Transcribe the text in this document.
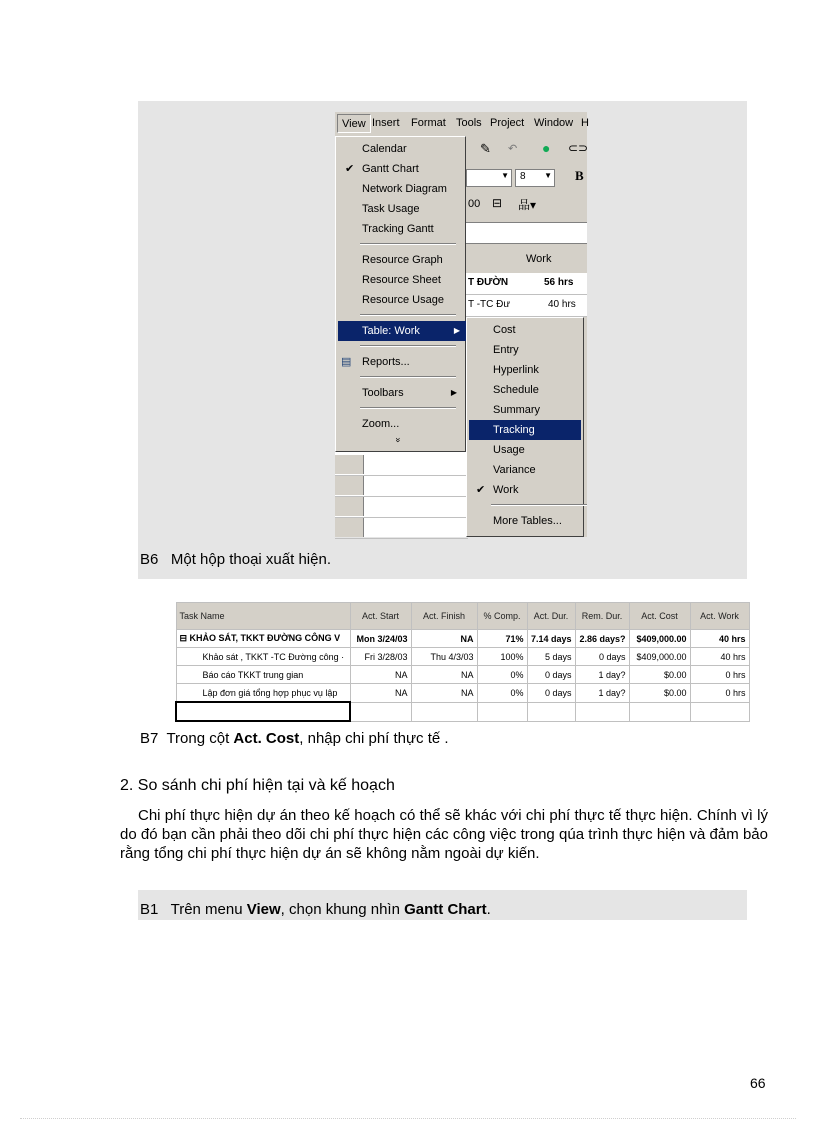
View Insert Format Tools Project Window H
✎ ↶ ● ⊂⊃
▼ 8 ▼ B
00 ⊟ 品▾
Work
T ĐƯỜN	56 hrs
T -TC Đư	40 hrs
Calendar
✔ Gantt Chart
Network Diagram
Task Usage
Tracking Gantt
Resource Graph
Resource Sheet
Resource Usage
Table: Work	▶
▤ Reports...
Toolbars	▶
Zoom...
»
Cost
Entry
Hyperlink
Schedule
Summary
Tracking
Usage
Variance
✔ Work
More Tables...
B6 Một hộp thoại xuất hiện.
Task Name	Act. Start	Act. Finish	% Comp.	Act. Dur.	Rem. Dur.	Act. Cost	Act. Work
⊟ KHẢO SÁT, TKKT ĐƯỜNG CÔNG V	Mon 3/24/03	NA	71%	7.14 days	2.86 days?	$409,000.00	40 hrs
Khảo sát , TKKT -TC Đường công ·	Fri 3/28/03	Thu 4/3/03	100%	5 days	0 days	$409,000.00	40 hrs
Báo cáo TKKT trung gian	NA	NA	0%	0 days	1 day?	$0.00	0 hrs
Lập đơn giá tổng hợp phục vụ lập	NA	NA	0%	0 days	1 day?	$0.00	0 hrs

B7 Trong cột Act. Cost, nhập chi phí thực tế .
2. So sánh chi phí hiện tại và kế hoạch
Chi phí thực hiện dự án theo kế hoạch có thể sẽ khác với chi phí thực tế thực hiện. Chính vì lý do đó bạn cần phải theo dõi chi phí thực hiện các công việc trong qúa trình thực hiện và đảm bảo rằng tổng chi phí thực hiện dự án sẽ không nằm ngoài dự kiến.
B1 Trên menu View, chọn khung nhìn Gantt Chart.
66
